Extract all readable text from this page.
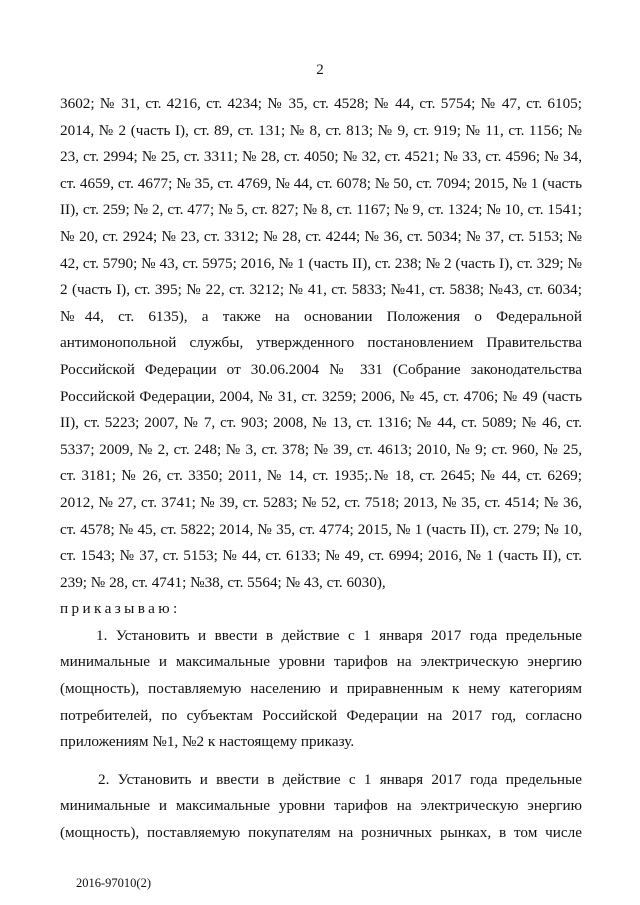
2
3602; № 31, ст. 4216, ст. 4234; № 35, ст. 4528; № 44, ст. 5754; № 47, ст. 6105;
2014, № 2 (часть I), ст. 89, ст. 131; № 8, ст. 813; № 9, ст. 919; № 11, ст. 1156; №
23, ст. 2994; № 25, ст. 3311; № 28, ст. 4050; № 32, ст. 4521; № 33, ст. 4596; № 34,
ст. 4659, ст. 4677; № 35, ст. 4769, № 44, ст. 6078; № 50, ст. 7094; 2015, № 1 (часть
II), ст. 259; № 2, ст. 477; № 5, ст. 827; № 8, ст. 1167; № 9, ст. 1324; № 10, ст. 1541;
№ 20, ст. 2924; № 23, ст. 3312; № 28, ст. 4244; № 36, ст. 5034; № 37, ст. 5153; №
42, ст. 5790; № 43, ст. 5975; 2016, № 1 (часть II), ст. 238; № 2 (часть I), ст. 329; №
2 (часть I), ст. 395; № 22, ст. 3212; № 41, ст. 5833; №41, ст. 5838; №43, ст. 6034;
№44, ст. 6135), а также на основании Положения о Федеральной
антимонопольной службы, утвержденного постановлением Правительства
Российской Федерации от 30.06.2004 № 331 (Собрание законодательства
Российской Федерации, 2004, № 31, ст. 3259; 2006, № 45, ст. 4706; № 49 (часть
II), ст. 5223; 2007, № 7, ст. 903; 2008, № 13, ст. 1316; № 44, ст. 5089; № 46, ст.
5337; 2009, № 2, ст. 248; № 3, ст. 378; № 39, ст. 4613; 2010, № 9; ст. 960, № 25,
ст. 3181; № 26, ст. 3350; 2011, № 14, ст. 1935;.№ 18, ст. 2645; № 44, ст. 6269;
2012, № 27, ст. 3741; № 39, ст. 5283; № 52, ст. 7518; 2013, № 35, ст. 4514; № 36,
ст. 4578; № 45, ст. 5822; 2014, № 35, ст. 4774; 2015, № 1 (часть II), ст. 279; № 10,
ст. 1543; № 37, ст. 5153; № 44, ст. 6133; № 49, ст. 6994; 2016, № 1 (часть II), ст.
239; № 28, ст. 4741; №38, ст. 5564; № 43, ст. 6030),
приказываю:
1. Установить и ввести в действие с 1 января 2017 года предельные
минимальные и максимальные уровни тарифов на электрическую энергию
(мощность), поставляемую населению и приравненным к нему категориям
потребителей, по субъектам Российской Федерации на 2017 год, согласно
приложениям №1, №2 к настоящему приказу.
2. Установить и ввести в действие с 1 января 2017 года предельные
минимальные и максимальные уровни тарифов на электрическую энергию
(мощность), поставляемую покупателям на розничных рынках, в том числе
2016-97010(2)
